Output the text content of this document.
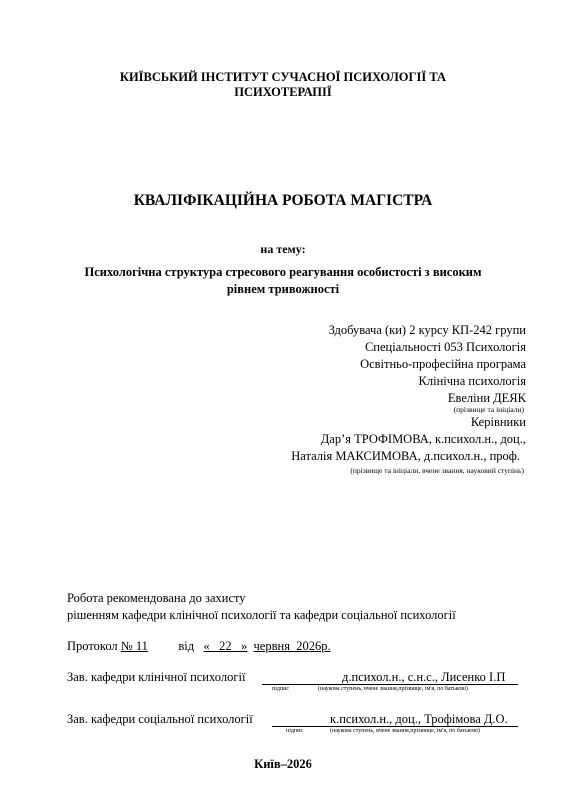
КИЇВСЬКИЙ ІНСТИТУТ СУЧАСНОЇ ПСИХОЛОГІЇ ТА
ПСИХОТЕРАПІЇ
КВАЛІФІКАЦІЙНА РОБОТА МАГІСТРА
на тему:
Психологічна структура стресового реагування особистості з високим
рівнем тривожності
Здобувача (ки) 2 курсу КП-242 групи
Спеціальності 053 Психологія
Освітньо-професійна програма
Клінічна психологія
Евеліни ДЕЯК
(прізвище та ініціали)
Керівники
Дар’я ТРОФІМОВА, к.психол.н., доц.,
Наталія МАКСИМОВА, д.психол.н., проф.
(прізвище та ініціали, вчене звання, науковий ступінь)
Робота рекомендована до захисту
рішенням кафедри клінічної психології та кафедри соціальної психології
Протокол № 11 від «   22   » червня  2026р.
Зав. кафедри клінічної психології	д.психол.н., с.н.с., Лисенко І.П
підпис	(наукова ступень, вчене звання,прізвище, ім'я, по батькові)
Зав. кафедри соціальної психології	к.психол.н., доц., Трофімова Д.О.
підпис	(наукова ступень, вчене звання,прізвище, ім'я, по батькові)
Київ–2026
